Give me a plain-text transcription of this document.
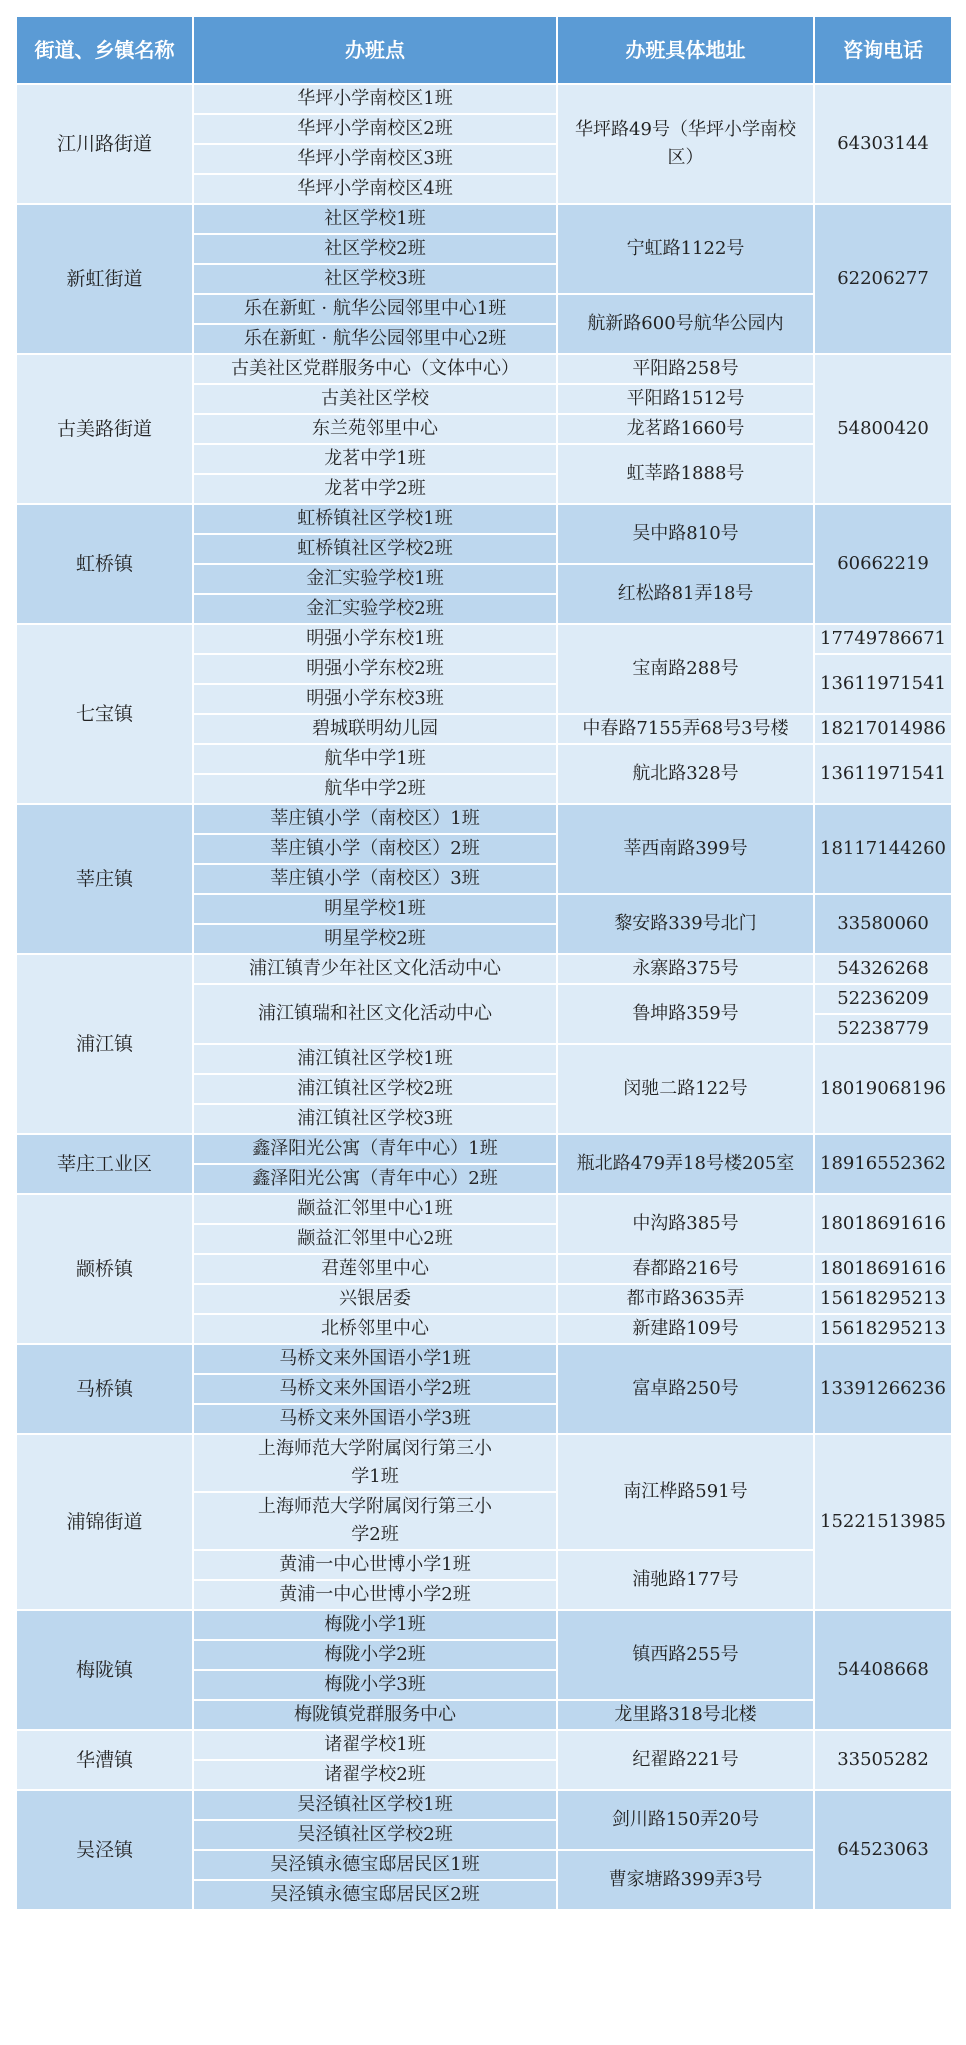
街道、乡镇名称	办班点	办班具体地址	咨询电话
江川路街道	华坪小学南校区1班	华坪路49号（华坪小学南校区）	64303144
	华坪小学南校区2班		
	华坪小学南校区3班		
	华坪小学南校区4班		
新虹街道	社区学校1班	宁虹路1122号	62206277
	社区学校2班		
	社区学校3班		
	乐在新虹 · 航华公园邻里中心1班	航新路600号航华公园内	
	乐在新虹 · 航华公园邻里中心2班		
古美路街道	古美社区党群服务中心（文体中心）	平阳路258号	54800420
	古美社区学校	平阳路1512号	
	东兰苑邻里中心	龙茗路1660号	
	龙茗中学1班	虹莘路1888号	
	龙茗中学2班		
虹桥镇	虹桥镇社区学校1班	吴中路810号	60662219
	虹桥镇社区学校2班		
	金汇实验学校1班	红松路81弄18号	
	金汇实验学校2班		
七宝镇	明强小学东校1班	宝南路288号	17749786671
	明强小学东校2班		13611971541
	明强小学东校3班		
	碧城联明幼儿园	中春路7155弄68号3号楼	18217014986
	航华中学1班	航北路328号	13611971541
	航华中学2班		
莘庄镇	莘庄镇小学（南校区）1班	莘西南路399号	18117144260
	莘庄镇小学（南校区）2班		
	莘庄镇小学（南校区）3班		
	明星学校1班	黎安路339号北门	33580060
	明星学校2班		
浦江镇	浦江镇青少年社区文化活动中心	永寨路375号	54326268
	浦江镇瑞和社区文化活动中心	鲁坤路359号	52236209
			52238779
	浦江镇社区学校1班	闵驰二路122号	18019068196
	浦江镇社区学校2班		
	浦江镇社区学校3班		
莘庄工业区	鑫泽阳光公寓（青年中心）1班	瓶北路479弄18号楼205室	18916552362
	鑫泽阳光公寓（青年中心）2班		
颛桥镇	颛益汇邻里中心1班	中沟路385号	18018691616
	颛益汇邻里中心2班		
	君莲邻里中心	春都路216号	18018691616
	兴银居委	都市路3635弄	15618295213
	北桥邻里中心	新建路109号	15618295213
马桥镇	马桥文来外国语小学1班	富卓路250号	13391266236
	马桥文来外国语小学2班		
	马桥文来外国语小学3班		
浦锦街道	上海师范大学附属闵行第三小学1班	南江桦路591号	15221513985

	上海师范大学附属闵行第三小学2班		

	黄浦一中心世博小学1班	浦驰路177号	
	黄浦一中心世博小学2班		
梅陇镇	梅陇小学1班	镇西路255号	54408668
	梅陇小学2班		
	梅陇小学3班		
	梅陇镇党群服务中心	龙里路318号北楼	
华漕镇	诸翟学校1班	纪翟路221号	33505282
	诸翟学校2班		
吴泾镇	吴泾镇社区学校1班	剑川路150弄20号	64523063
	吴泾镇社区学校2班		
	吴泾镇永德宝邸居民区1班	曹家塘路399弄3号	
	吴泾镇永德宝邸居民区2班		
